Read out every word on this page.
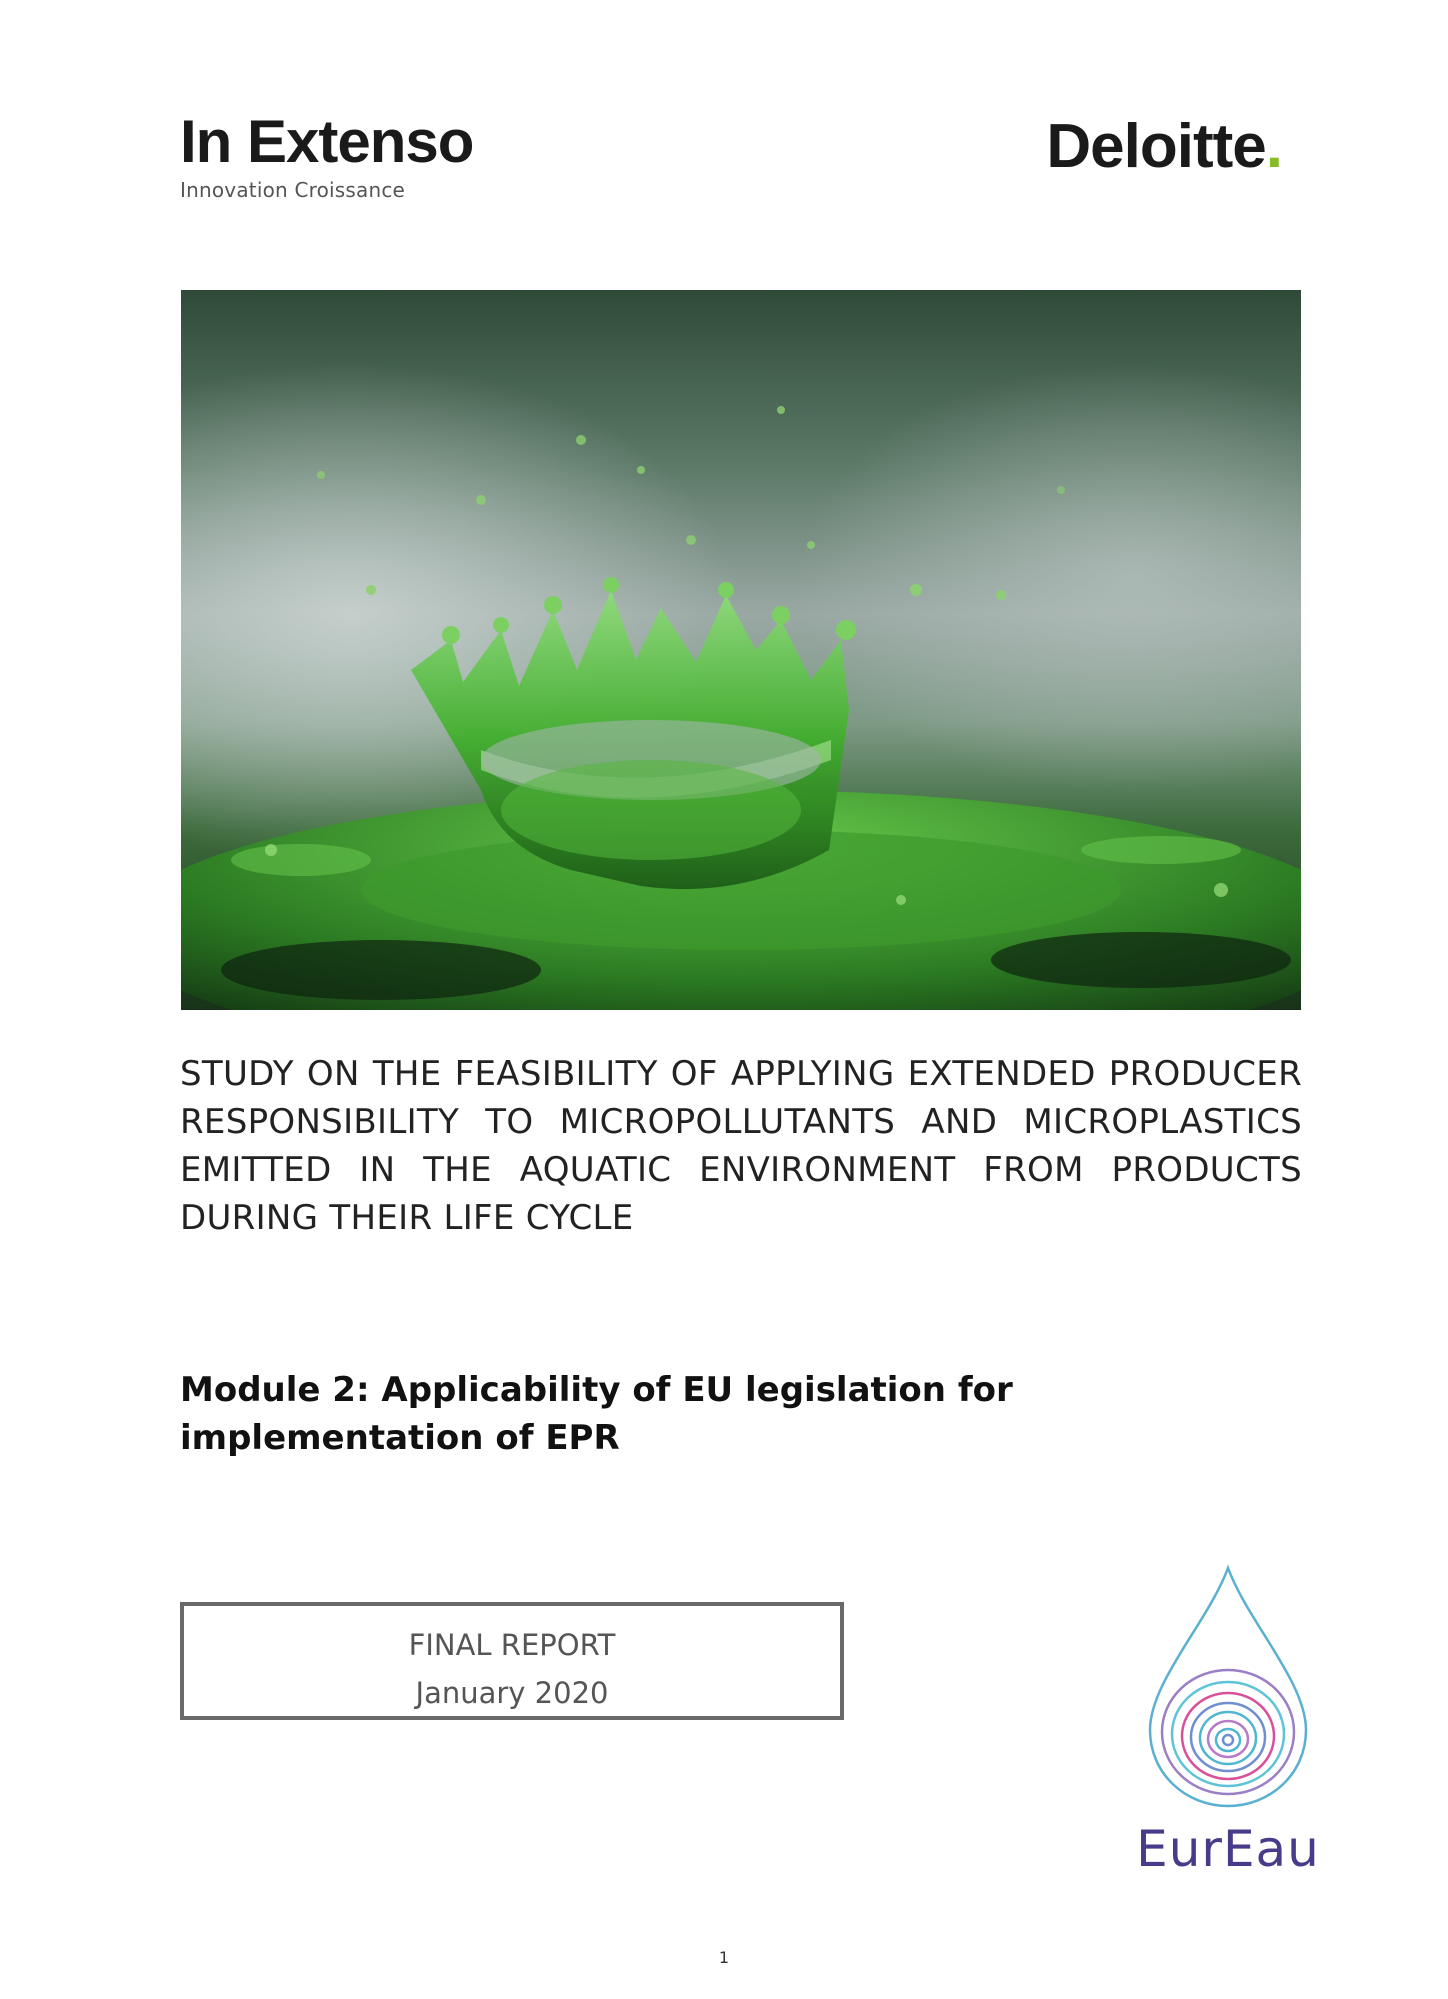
In Extenso
Innovation Croissance
Deloitte.

STUDY ON THE FEASIBILITY OF APPLYING EXTENDED PRODUCER RESPONSIBILITY TO MICROPOLLUTANTS AND MICROPLASTICS EMITTED IN THE AQUATIC ENVIRONMENT FROM PRODUCTS DURING THEIR LIFE CYCLE

Module 2: Applicability of EU legislation for
implementation of EPR
FINAL REPORT
January 2020
EurEau
1
